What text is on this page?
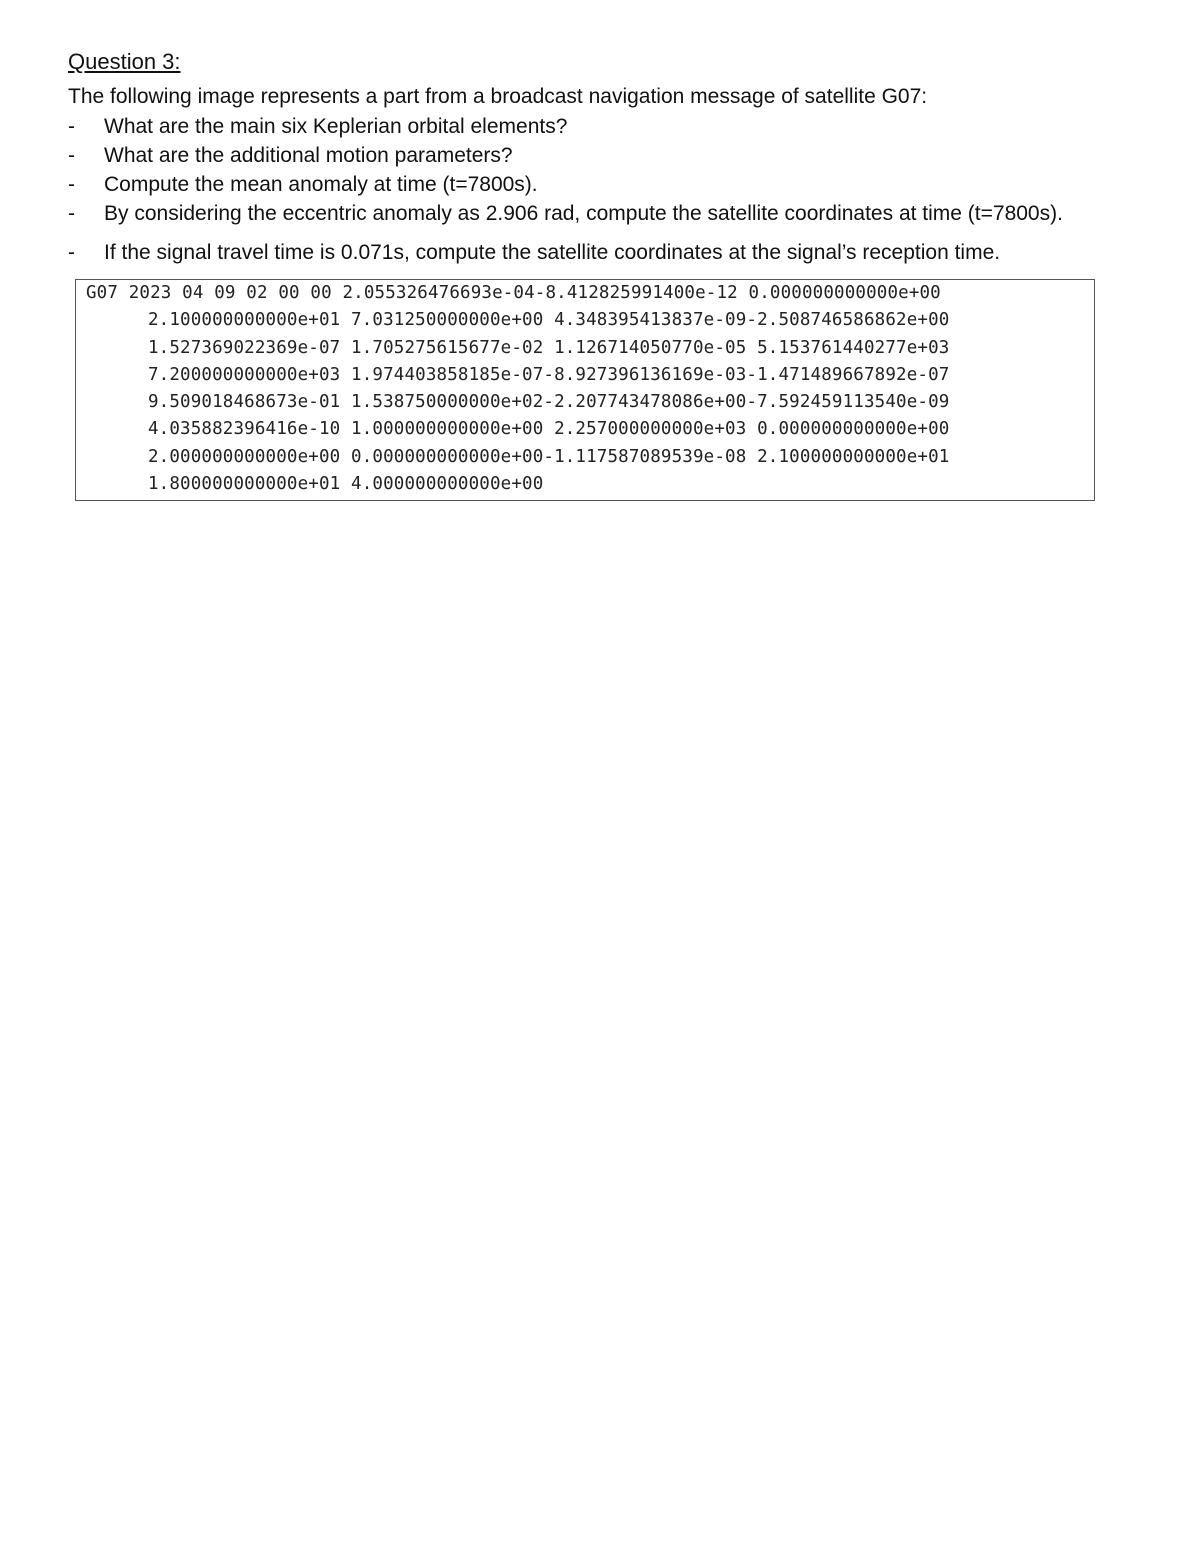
Question 3:

The following image represents a part from a broadcast navigation message of satellite G07:

- What are the main six Keplerian orbital elements?
- What are the additional motion parameters?
- Compute the mean anomaly at time (t=7800s).
- By considering the eccentric anomaly as 2.906 rad, compute the satellite coordinates at time (t=7800s).
- If the signal travel time is 0.071s, compute the satellite coordinates at the signal’s reception time.
G07 2023 04 09 02 00 00 2.055326476693e-04-8.412825991400e-12 0.000000000000e+00
2.100000000000e+01 7.031250000000e+00 4.348395413837e-09-2.508746586862e+00
1.527369022369e-07 1.705275615677e-02 1.126714050770e-05 5.153761440277e+03
7.200000000000e+03 1.974403858185e-07-8.927396136169e-03-1.471489667892e-07
9.509018468673e-01 1.538750000000e+02-2.207743478086e+00-7.592459113540e-09
4.035882396416e-10 1.000000000000e+00 2.257000000000e+03 0.000000000000e+00
2.000000000000e+00 0.000000000000e+00-1.117587089539e-08 2.100000000000e+01
1.800000000000e+01 4.000000000000e+00
